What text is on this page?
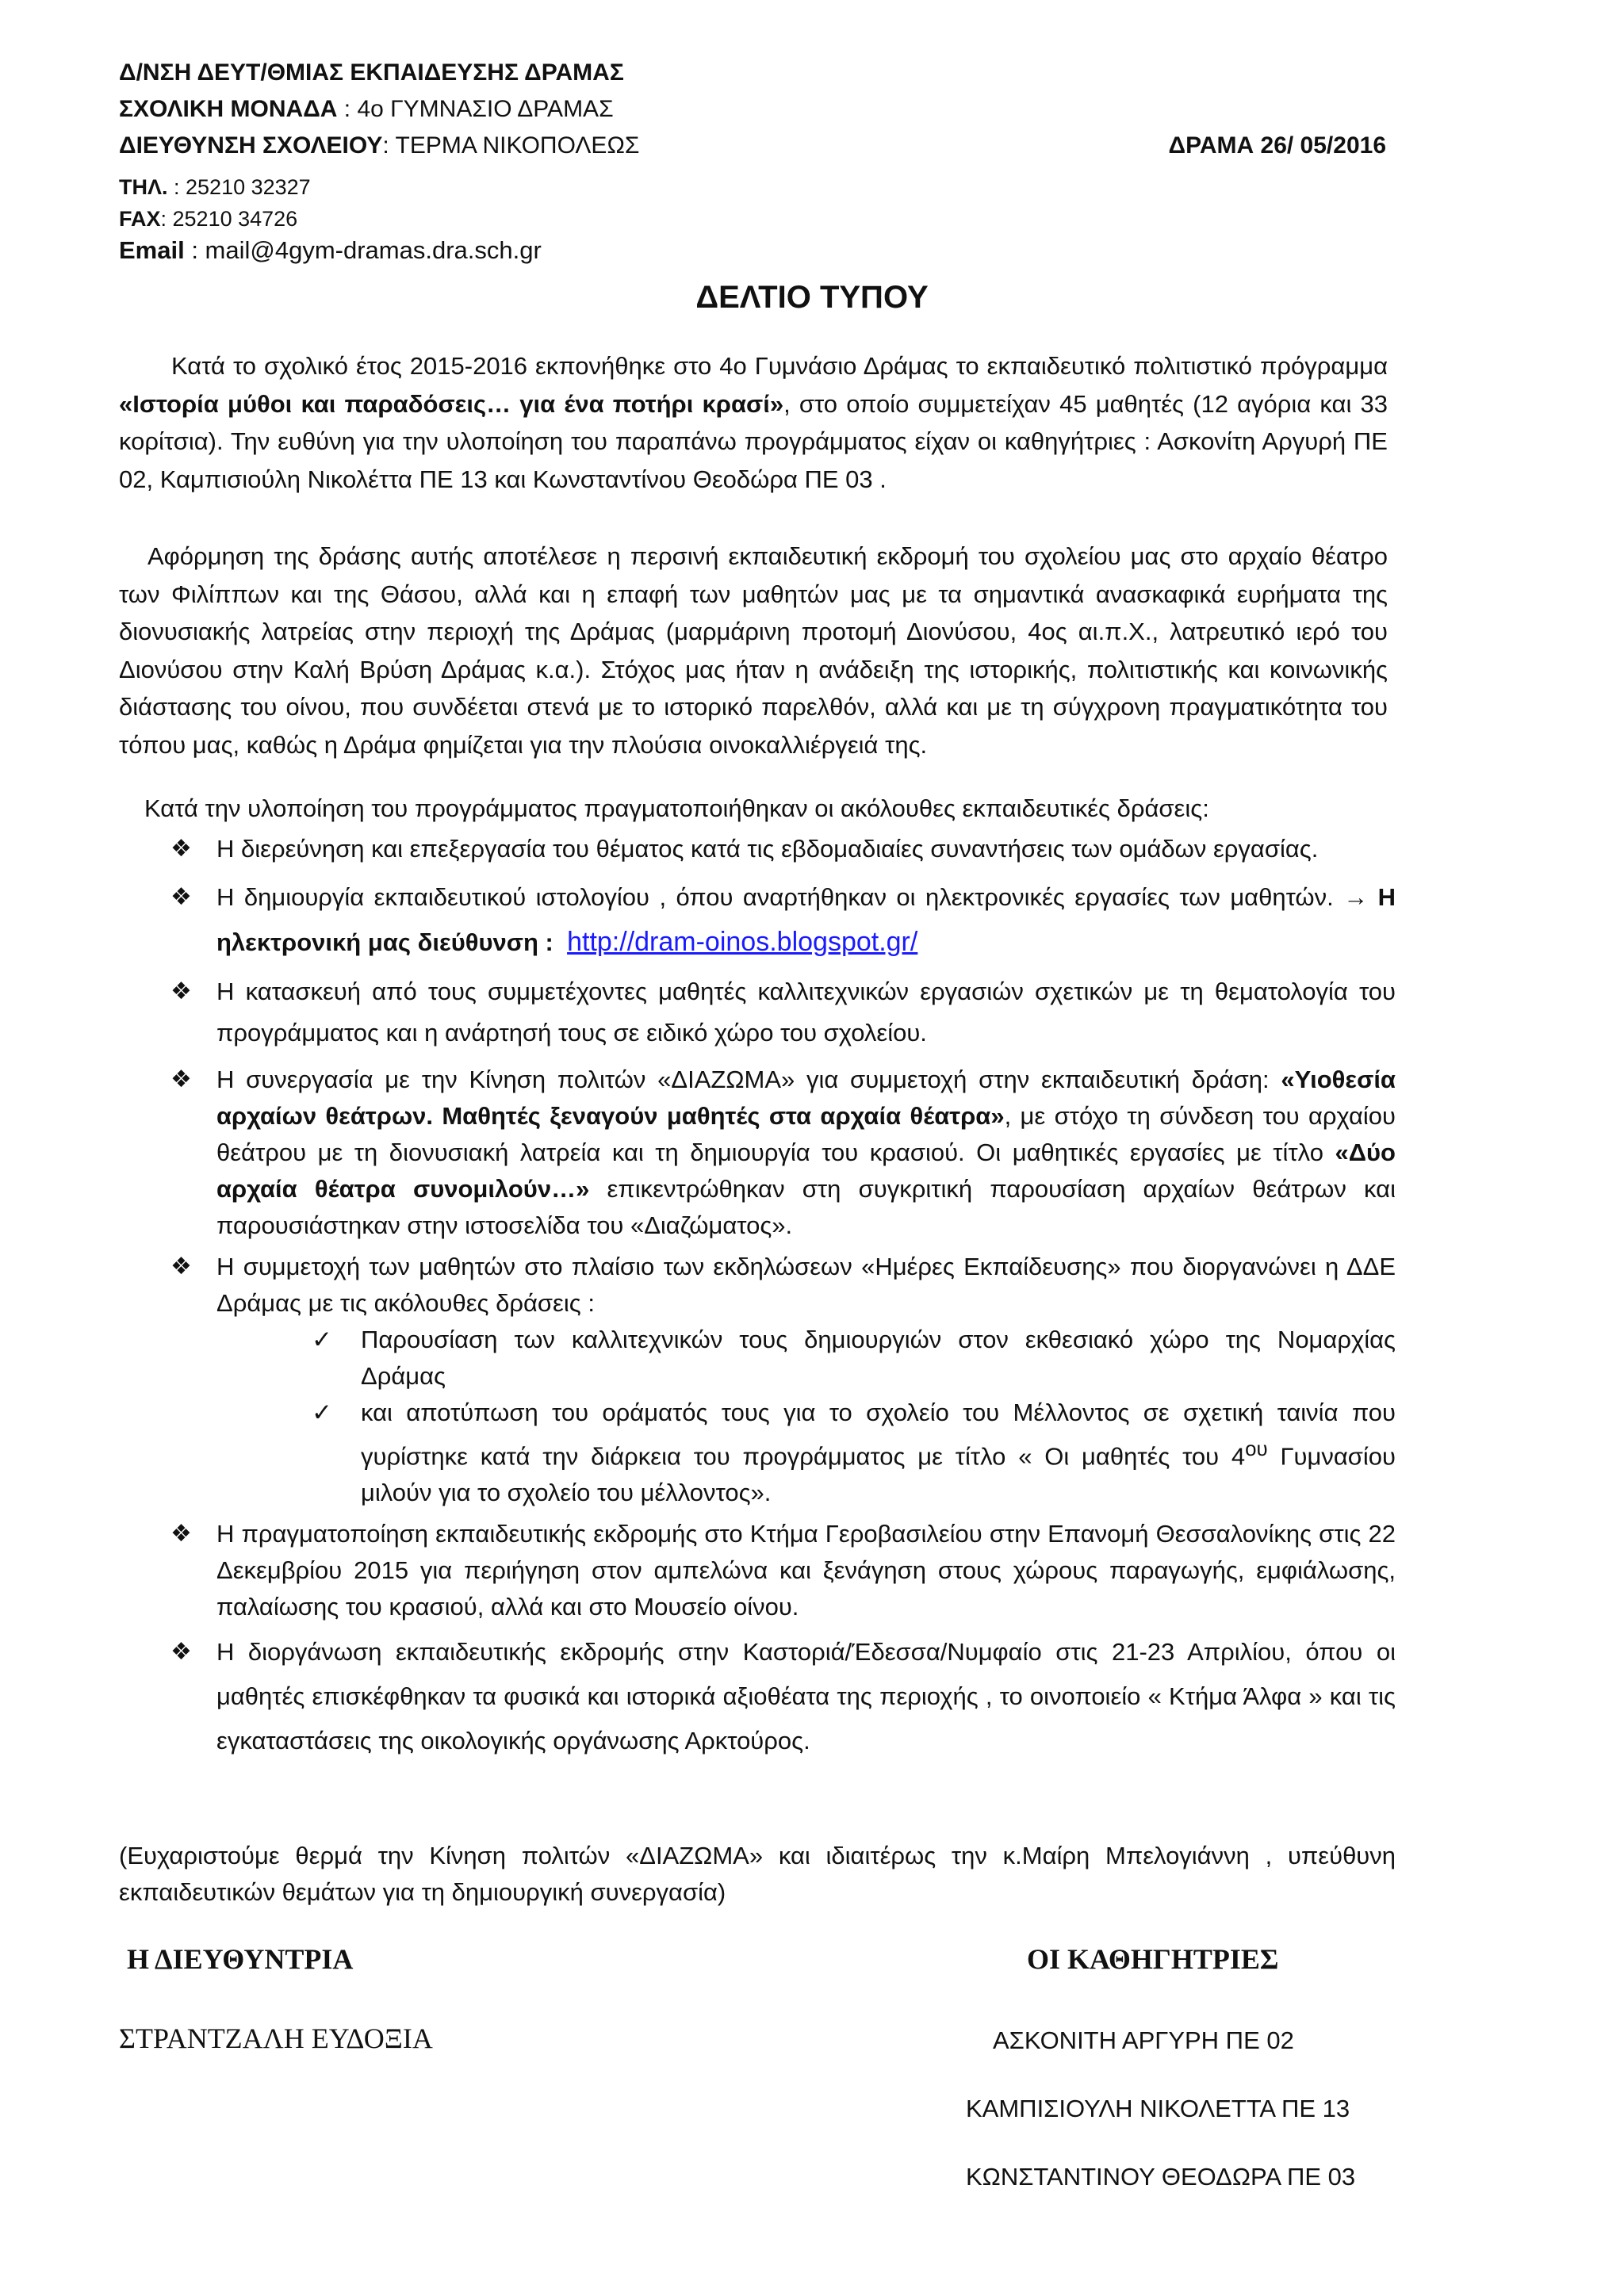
Δ/ΝΣΗ ΔΕΥΤ/ΘΜΙΑΣ ΕΚΠΑΙΔΕΥΣΗΣ ΔΡΑΜΑΣ
ΣΧΟΛΙΚΗ ΜΟΝΑΔΑ : 4ο ΓΥΜΝΑΣΙΟ ΔΡΑΜΑΣ
ΔΙΕΥΘΥΝΣΗ ΣΧΟΛΕΙΟΥ: ΤΕΡΜΑ ΝΙΚΟΠΟΛΕΩΣ	ΔΡΑΜΑ 26/ 05/2016
ΤΗΛ. : 25210 32327
FAX: 25210 34726
Email : mail@4gym-dramas.dra.sch.gr
ΔΕΛΤΙΟ ΤΥΠΟΥ
Κατά το σχολικό έτος 2015-2016 εκπονήθηκε στο 4ο Γυμνάσιο Δράμας το εκπαιδευτικό πολιτιστικό πρόγραμμα «Ιστορία μύθοι και παραδόσεις… για ένα ποτήρι κρασί», στο οποίο συμμετείχαν 45 μαθητές (12 αγόρια και 33 κορίτσια). Την ευθύνη για την υλοποίηση του παραπάνω προγράμματος είχαν οι καθηγήτριες : Ασκονίτη Αργυρή ΠΕ 02, Καμπισιούλη Νικολέττα ΠΕ 13 και Κωνσταντίνου Θεοδώρα ΠΕ 03 .
Αφόρμηση της δράσης αυτής αποτέλεσε η περσινή εκπαιδευτική εκδρομή του σχολείου μας στο αρχαίο θέατρο των Φιλίππων και της Θάσου, αλλά και η επαφή των μαθητών μας με τα σημαντικά ανασκαφικά ευρήματα της διονυσιακής λατρείας στην περιοχή της Δράμας (μαρμάρινη προτομή Διονύσου, 4ος αι.π.Χ., λατρευτικό ιερό του Διονύσου στην Καλή Βρύση Δράμας κ.α.). Στόχος μας ήταν η ανάδειξη της ιστορικής, πολιτιστικής και κοινωνικής διάστασης του οίνου, που συνδέεται στενά με το ιστορικό παρελθόν, αλλά και με τη σύγχρονη πραγματικότητα του τόπου μας, καθώς η Δράμα φημίζεται για την πλούσια οινοκαλλιέργειά της.
Κατά την υλοποίηση του προγράμματος πραγματοποιήθηκαν οι ακόλουθες εκπαιδευτικές δράσεις:
❖ Η διερεύνηση και επεξεργασία του θέματος κατά τις εβδομαδιαίες συναντήσεις των ομάδων εργασίας.
❖ Η δημιουργία εκπαιδευτικού ιστολογίου , όπου αναρτήθηκαν οι ηλεκτρονικές εργασίες των μαθητών. → Η ηλεκτρονική μας διεύθυνση : http://dram-oinos.blogspot.gr/
❖ Η κατασκευή από τους συμμετέχοντες μαθητές καλλιτεχνικών εργασιών σχετικών με τη θεματολογία του προγράμματος και η ανάρτησή τους σε ειδικό χώρο του σχολείου.
❖ Η συνεργασία με την Κίνηση πολιτών «ΔΙΑΖΩΜΑ» για συμμετοχή στην εκπαιδευτική δράση: «Υιοθεσία αρχαίων θεάτρων. Μαθητές ξεναγούν μαθητές στα αρχαία θέατρα», με στόχο τη σύνδεση του αρχαίου θεάτρου με τη διονυσιακή λατρεία και τη δημιουργία του κρασιού. Οι μαθητικές εργασίες με τίτλο «Δύο αρχαία θέατρα συνομιλούν…» επικεντρώθηκαν στη συγκριτική παρουσίαση αρχαίων θεάτρων και παρουσιάστηκαν στην ιστοσελίδα του «Διαζώματος».
❖ Η συμμετοχή των μαθητών στο πλαίσιο των εκδηλώσεων «Ημέρες Εκπαίδευσης» που διοργανώνει η ΔΔΕ Δράμας με τις ακόλουθες δράσεις :
✓ Παρουσίαση των καλλιτεχνικών τους δημιουργιών στον εκθεσιακό χώρο της Νομαρχίας Δράμας
✓ και αποτύπωση του οράματός τους για το σχολείο του Μέλλοντος σε σχετική ταινία που γυρίστηκε κατά την διάρκεια του προγράμματος με τίτλο « Οι μαθητές του $4^{o\upsilon}$ Γυμνασίου μιλούν για το σχολείο του μέλλοντος».
❖ Η πραγματοποίηση εκπαιδευτικής εκδρομής στο Κτήμα Γεροβασιλείου στην Επανομή Θεσσαλονίκης στις 22 Δεκεμβρίου 2015 για περιήγηση στον αμπελώνα και ξενάγηση στους χώρους παραγωγής, εμφιάλωσης, παλαίωσης του κρασιού, αλλά και στο Μουσείο οίνου.
❖ Η διοργάνωση εκπαιδευτικής εκδρομής στην Καστοριά/Έδεσσα/Νυμφαίο στις 21-23 Απριλίου, όπου οι μαθητές επισκέφθηκαν τα φυσικά και ιστορικά αξιοθέατα της περιοχής , το οινοποιείο « Κτήμα Άλφα » και τις εγκαταστάσεις της οικολογικής οργάνωσης Αρκτούρος.
(Ευχαριστούμε θερμά την Κίνηση πολιτών «ΔΙΑΖΩΜΑ» και ιδιαιτέρως την κ.Μαίρη Μπελογιάννη , υπεύθυνη εκπαιδευτικών θεμάτων για τη δημιουργική συνεργασία)
Η ΔΙΕΥΘΥΝΤΡΙΑ	ΟΙ ΚΑΘΗΓΗΤΡΙΕΣ
ΣΤΡΑΝΤΖΑΛΗ ΕΥΔΟΞΙΑ	ΑΣΚΟΝΙΤΗ ΑΡΓΥΡΗ ΠΕ 02
ΚΑΜΠΙΣΙΟΥΛΗ ΝΙΚΟΛΕΤΤΑ ΠΕ 13
ΚΩΝΣΤΑΝΤΙΝΟΥ ΘΕΟΔΩΡΑ ΠΕ 03
